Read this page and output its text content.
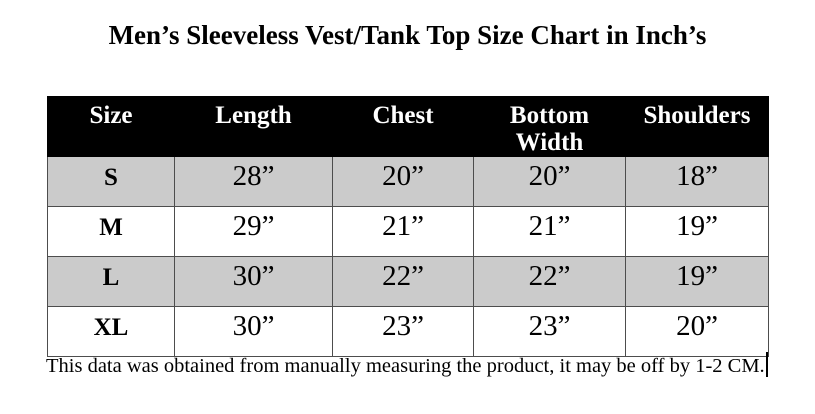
Men’s Sleeveless Vest/Tank Top Size Chart in Inch’s
Size	Length	Chest	Bottom Width	Shoulders
S	28”	20”	20”	18”
M	29”	21”	21”	19”
L	30”	22”	22”	19”
XL	30”	23”	23”	20”
This data was obtained from manually measuring the product, it may be off by 1-2 CM.
